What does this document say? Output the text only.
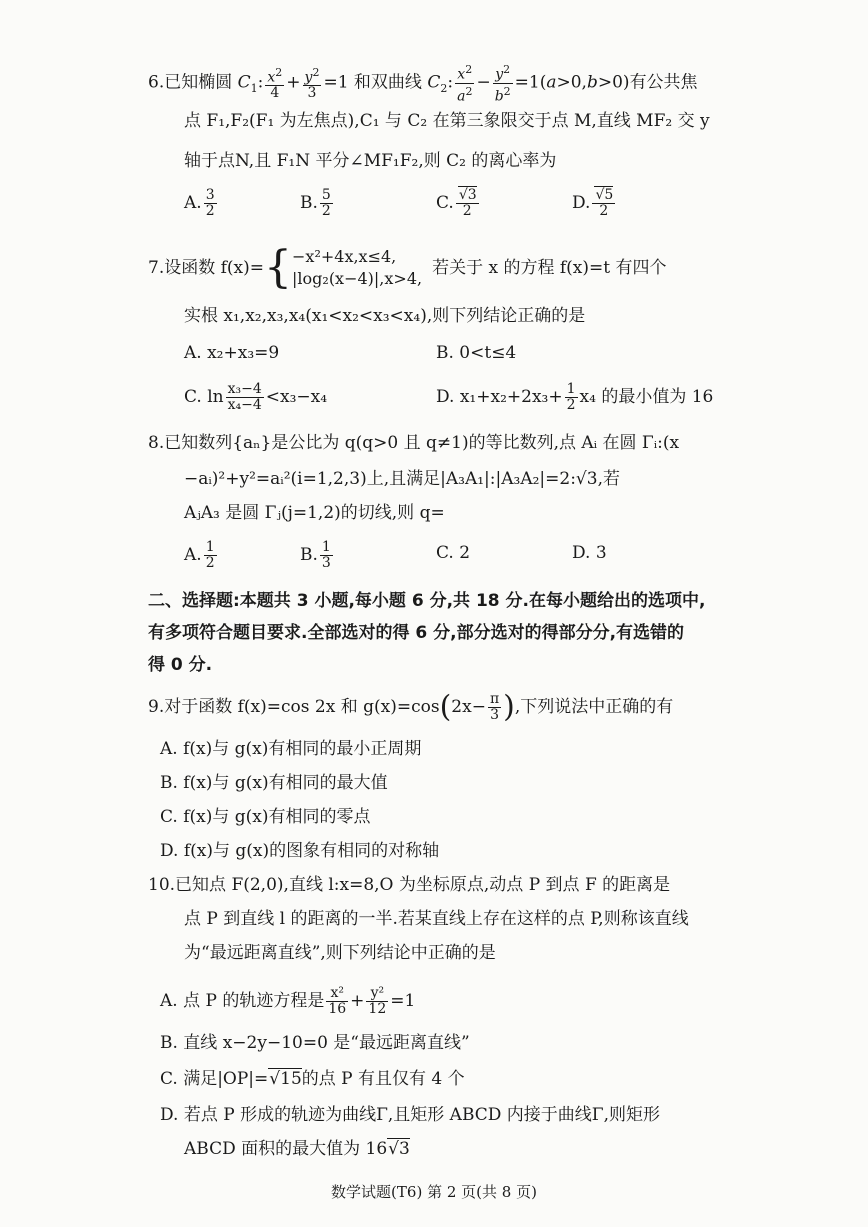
6.已知椭圆 $C_1$: $\frac{x^2}{4} + \frac{y^2}{3} =1$ 和双曲线 $C_2$: $\frac{x^2}{a^2} - \frac{y^2}{b^2} =1(a>0,b>0)$有公共焦
点 F₁,F₂(F₁ 为左焦点),C₁ 与 C₂ 在第三象限交于点 M,直线 MF₂ 交 y
轴于点N,且 F₁N 平分∠MF₁F₂,则 C₂ 的离心率为
A. $\frac{3}{2}$	B. $\frac{5}{2}$	C. $\frac{√3}{2}$	D. $\frac{√5}{2}$
7.设函数 f(x)={ −x²+4x,x≤4,
|log₂(x−4)|,x>4,
若关于 x 的方程 f(x)=t 有四个
实根 x₁,x₂,x₃,x₄(x₁<x₂<x₃<x₄),则下列结论正确的是
A. x₂+x₃=9	B. 0<t≤4
C. $\ln \frac{\text{x₃−4}}{\text{x₄−4}} <x_3-x_4$	D. $x_1+x_2+2x_3+ \frac{1}{2} x_4$ 的最小值为 16
8.已知数列{aₙ}是公比为 q(q>0 且 q≠1)的等比数列,点 Aᵢ 在圆 Γᵢ:(x
−aᵢ)²+y²=aᵢ²(i=1,2,3)上,且满足|A₃A₁|:|A₃A₂|=2:√3,若
AⱼA₃ 是圆 Γⱼ(j=1,2)的切线,则 q=
A. $\frac{1}{2}$	B. $\frac{1}{3}$	C. 2	D. 3
二、选择题:本题共 3 小题,每小题 6 分,共 18 分.在每小题给出的选项中,
有多项符合题目要求.全部选对的得 6 分,部分选对的得部分分,有选错的
得 0 分.
9.对于函数 f(x)=cos 2x 和 $g(x)=\cos(2x- \frac{\pi}{3}$ ),下列说法中正确的有
A. f(x)与 g(x)有相同的最小正周期
B. f(x)与 g(x)有相同的最大值
C. f(x)与 g(x)有相同的零点
D. f(x)与 g(x)的图象有相同的对称轴
10.已知点 F(2,0),直线 l:x=8,O 为坐标原点,动点 P 到点 F 的距离是
点 P 到直线 l 的距离的一半.若某直线上存在这样的点 P,则称该直线
为“最远距离直线”,则下列结论中正确的是
A. 点 P 的轨迹方程是 $\frac{\text{x²}}{16} + \frac{\text{y²}}{12} =1$
B. 直线 x−2y−10=0 是“最远距离直线”
C. 满足|OP|=√15的点 P 有且仅有 4 个
D. 若点 P 形成的轨迹为曲线Γ,且矩形 ABCD 内接于曲线Γ,则矩形
ABCD 面积的最大值为 16√3
数学试题(T6) 第 2 页(共 8 页)
